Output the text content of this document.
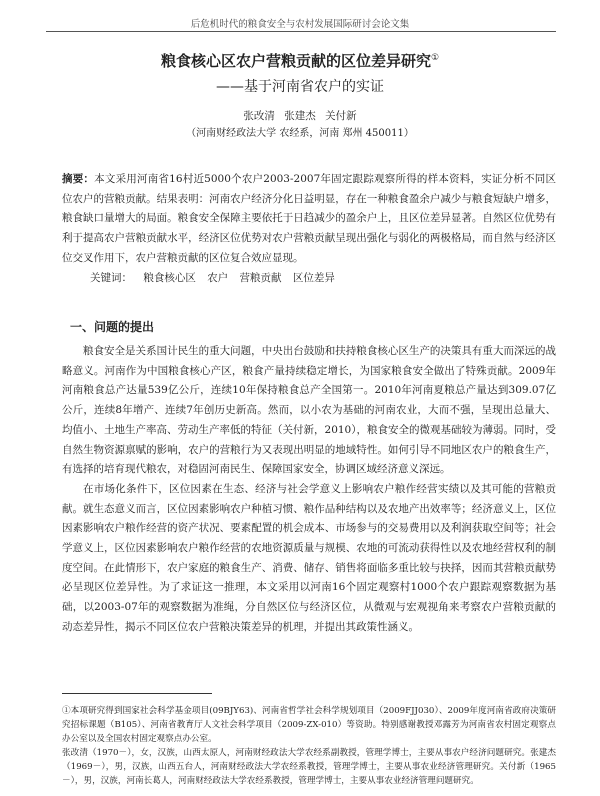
后危机时代的粮食安全与农村发展国际研讨会论文集
粮食核心区农户营粮贡献的区位差异研究①
——基于河南省农户的实证
张改清 张建杰 关付新
（河南财经政法大学 农经系，河南 郑州 450011）
摘要：本文采用河南省16村近5000个农户2003-2007年固定跟踪观察所得的样本资料，实证分析不同区位农户的营粮贡献。结果表明：河南农户经济分化日益明显，存在一种粮食盈余户减少与粮食短缺户增多，粮食缺口量增大的局面。粮食安全保障主要依托于日趋减少的盈余户上，且区位差异显著。自然区位优势有利于提高农户营粮贡献水平，经济区位优势对农户营粮贡献呈现出强化与弱化的两极格局，而自然与经济区位交叉作用下，农户营粮贡献的区位复合效应显现。
关键词： 粮食核心区 农户 营粮贡献 区位差异
一、问题的提出

粮食安全是关系国计民生的重大问题，中央出台鼓励和扶持粮食核心区生产的决策具有重大而深远的战略意义。河南作为中国粮食核心产区，粮食产量持续稳定增长，为国家粮食安全做出了特殊贡献。2009年河南粮食总产达量539亿公斤，连续10年保持粮食总产全国第一。2010年河南夏粮总产量达到309.07亿公斤，连续8年增产、连续7年创历史新高。然而，以小农为基础的河南农业，大而不强，呈现出总量大、均值小、土地生产率高、劳动生产率低的特征（关付新，2010），粮食安全的微观基础较为薄弱。同时，受自然生物资源禀赋的影响，农户的营粮行为又表现出明显的地域特性。如何引导不同地区农户的粮食生产，有选择的培育现代粮农，对稳固河南民生、保障国家安全，协调区域经济意义深远。

在市场化条件下，区位因素在生态、经济与社会学意义上影响农户粮作经营实绩以及其可能的营粮贡献。就生态意义而言，区位因素影响农户种植习惯、粮作品种结构以及农地产出效率等；经济意义上，区位因素影响农户粮作经营的资产状况、要素配置的机会成本、市场参与的交易费用以及利润获取空间等；社会学意义上，区位因素影响农户粮作经营的农地资源质量与规模、农地的可流动获得性以及农地经营权利的制度空间。在此情形下，农户家庭的粮食生产、消费、储存、销售将面临多重比较与抉择，因而其营粮贡献势必呈现区位差异性。为了求证这一推理，本文采用以河南16个固定观察村1000个农户跟踪观察数据为基础，以2003-07年的观察数据为准绳，分自然区位与经济区位，从微观与宏观视角来考察农户营粮贡献的动态差异性，揭示不同区位农户营粮决策差异的机理，并提出其政策性涵义。

①本项研究得到国家社会科学基金项目(09BJY63)、河南省哲学社会科学规划项目（2009FJJ030）、2009年度河南省政府决策研究招标课题（B105）、河南省教育厅人文社会科学项目（2009-ZX-010）等资助。特别感谢教授邓露芳为河南省农村固定观察点办公室以及全国农村固定观察点办公室。

张改清（1970－），女，汉族，山西太原人，河南财经政法大学农经系副教授，管理学博士，主要从事农户经济问题研究。张建杰（1969－），男，汉族，山西五台人，河南财经政法大学农经系教授，管理学博士，主要从事农业经济管理研究。关付新（1965－），男，汉族，河南长葛人，河南财经政法大学农经系教授，管理学博士，主要从事农业经济管理问题研究。
